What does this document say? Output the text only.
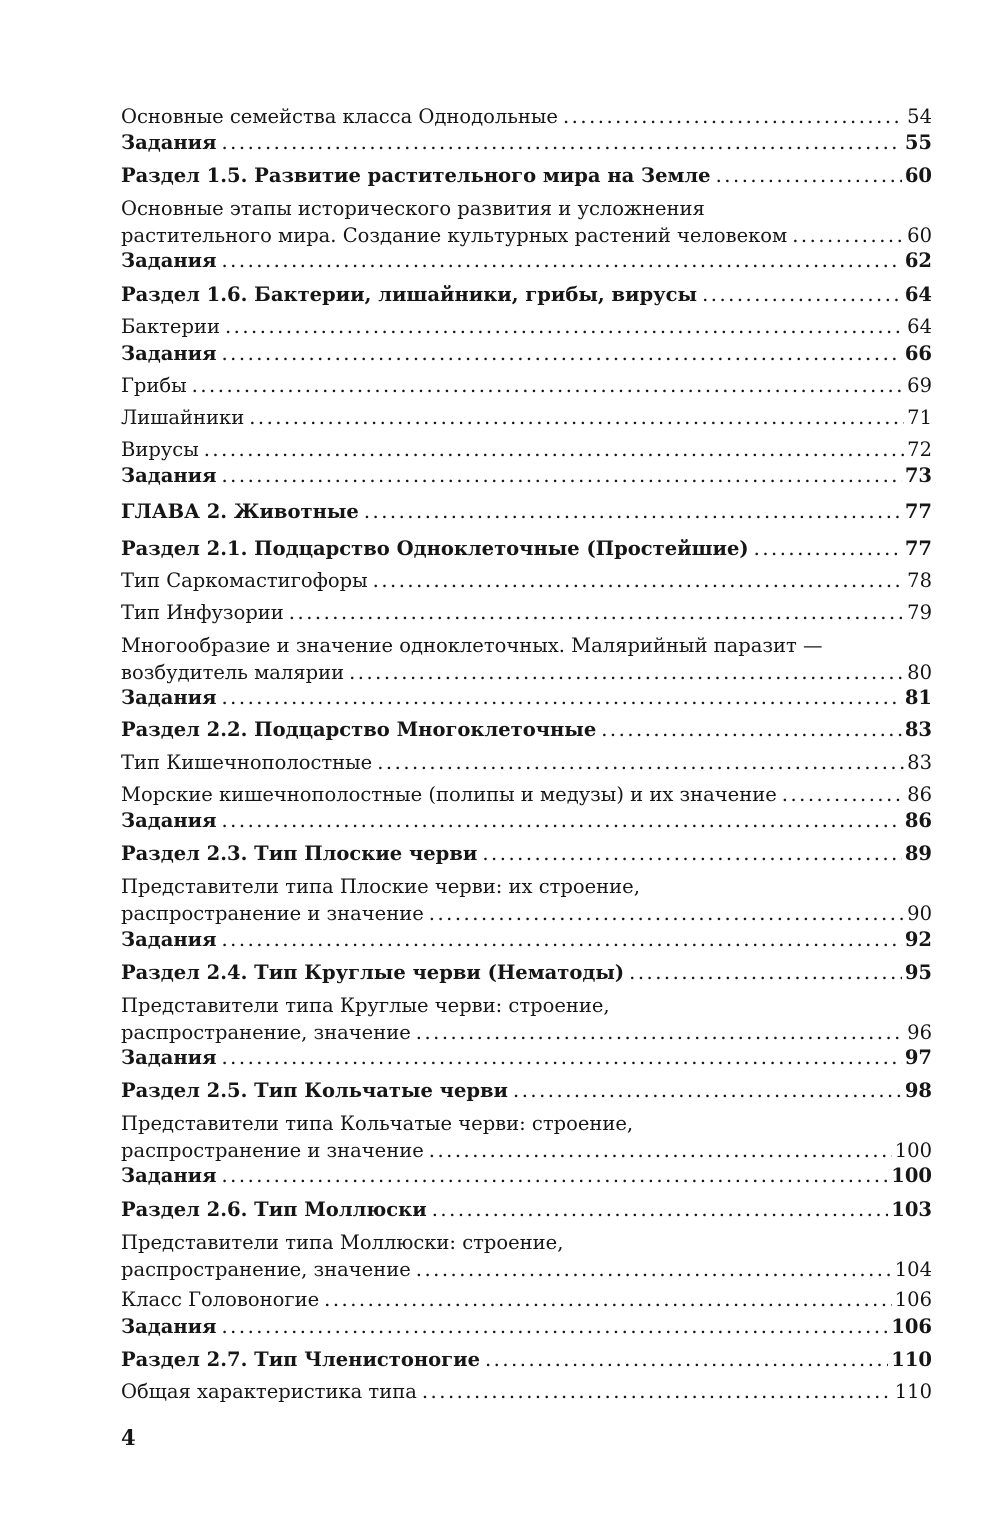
Основные семейства класса Однодольные .....	54
Задания .....	55
Раздел 1.5. Развитие растительного мира на Земле .....	60
Основные этапы исторического развития и усложнения
растительного мира. Создание культурных растений человеком .....	60
Задания .....	62
Раздел 1.6. Бактерии, лишайники, грибы, вирусы .....	64
Бактерии .....	64
Задания .....	66
Грибы .....	69
Лишайники .....	71
Вирусы .....	72
Задания .....	73
ГЛАВА 2. Животные .....	77
Раздел 2.1. Подцарство Одноклеточные (Простейшие) .....	77
Тип Саркомастигофоры .....	78
Тип Инфузории .....	79
Многообразие и значение одноклеточных. Малярийный паразит —
возбудитель малярии .....	80
Задания .....	81
Раздел 2.2. Подцарство Многоклеточные .....	83
Тип Кишечнополостные .....	83
Морские кишечнополостные (полипы и медузы) и их значение .....	86
Задания .....	86
Раздел 2.3. Тип Плоские черви .....	89
Представители типа Плоские черви: их строение,
распространение и значение .....	90
Задания .....	92
Раздел 2.4. Тип Круглые черви (Нематоды) .....	95
Представители типа Круглые черви: строение,
распространение, значение .....	96
Задания .....	97
Раздел 2.5. Тип Кольчатые черви .....	98
Представители типа Кольчатые черви: строение,
распространение и значение .....	100
Задания .....	100
Раздел 2.6. Тип Моллюски .....	103
Представители типа Моллюски: строение,
распространение, значение .....	104
Класс Головоногие .....	106
Задания .....	106
Раздел 2.7. Тип Членистоногие .....	110
Общая характеристика типа .....	110
4
